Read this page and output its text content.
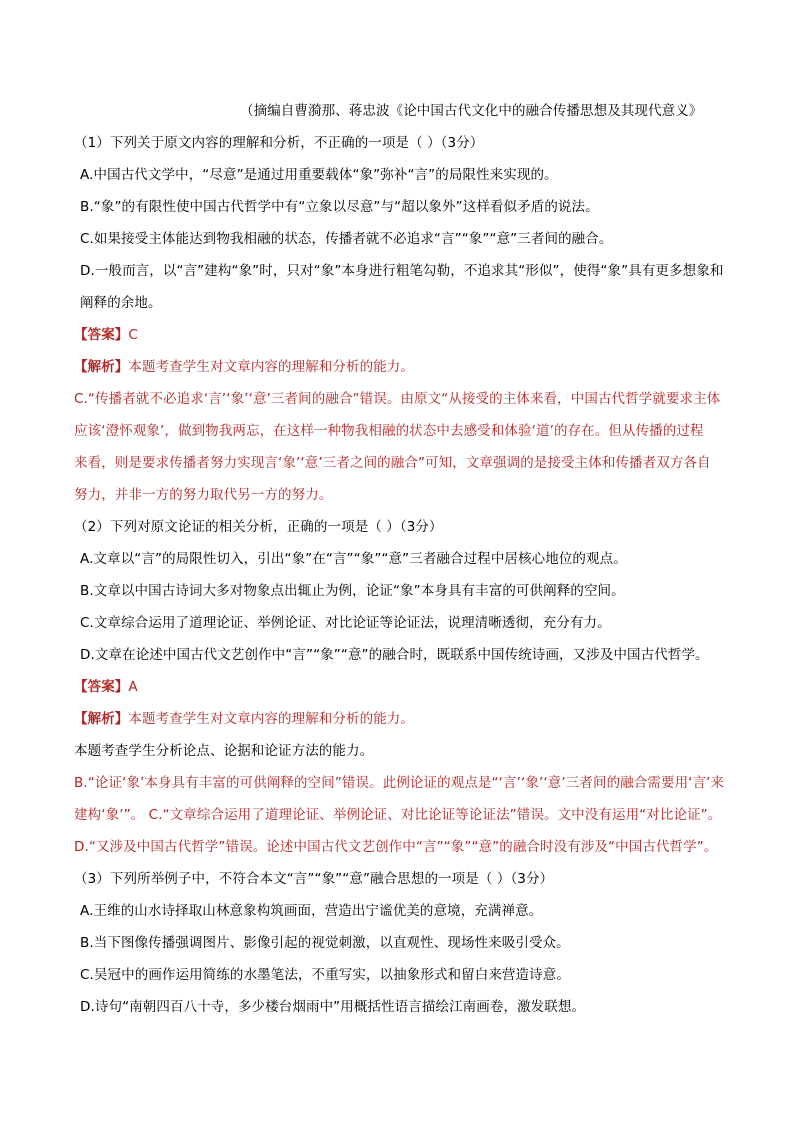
（摘编自曹漪那、蒋忠波《论中国古代文化中的融合传播思想及其现代意义》
（1）下列关于原文内容的理解和分析，不正确的一项是（ ）（3分）
A.中国古代文学中，“尽意”是通过用重要载体“象”弥补“言”的局限性来实现的。
B.“象”的有限性使中国古代哲学中有“立象以尽意”与“超以象外”这样看似矛盾的说法。
C.如果接受主体能达到物我相融的状态，传播者就不必追求“言”“象”“意”三者间的融合。
D.一般而言，以“言”建构“象”时，只对“象”本身进行粗笔勾勒，不追求其“形似”，使得“象”具有更多想象和
阐释的余地。
【答案】C
【解析】本题考查学生对文章内容的理解和分析的能力。
C.“传播者就不必追求‘言’‘象’‘意’三者间的融合”错误。由原文“从接受的主体来看，中国古代哲学就要求主体
应该‘澄怀观象’，做到物我两忘，在这样一种物我相融的状态中去感受和体验‘道’的存在。但从传播的过程
来看，则是要求传播者努力实现言‘象’‘意’三者之间的融合”可知，文章强调的是接受主体和传播者双方各自
努力，并非一方的努力取代另一方的努力。
（2）下列对原文论证的相关分析，正确的一项是（ ）（3分）
A.文章以“言”的局限性切入，引出“象”在“言”“象”“意”三者融合过程中居核心地位的观点。
B.文章以中国古诗词大多对物象点出辄止为例，论证“象”本身具有丰富的可供阐释的空间。
C.文章综合运用了道理论证、举例论证、对比论证等论证法，说理清晰透彻，充分有力。
D.文章在论述中国古代文艺创作中“言”“象”“意”的融合时，既联系中国传统诗画，又涉及中国古代哲学。
【答案】A
【解析】本题考查学生对文章内容的理解和分析的能力。
本题考查学生分析论点、论据和论证方法的能力。
B.“论证‘象’本身具有丰富的可供阐释的空间”错误。此例论证的观点是“‘言’‘象’‘意’三者间的融合需要用‘言’来
建构‘象’”。 C.“文章综合运用了道理论证、举例论证、对比论证等论证法”错误。文中没有运用“对比论证”。
D.“又涉及中国古代哲学”错误。论述中国古代文艺创作中“言”“象”“意”的融合时没有涉及“中国古代哲学”。
（3）下列所举例子中，不符合本文“言”“象”“意”融合思想的一项是（ ）（3分）
A.王维的山水诗择取山林意象构筑画面，营造出宁谧优美的意境，充满禅意。
B.当下图像传播强调图片、影像引起的视觉刺激，以直观性、现场性来吸引受众。
C.吴冠中的画作运用简练的水墨笔法，不重写实，以抽象形式和留白来营造诗意。
D.诗句“南朝四百八十寺，多少楼台烟雨中”用概括性语言描绘江南画卷，激发联想。
